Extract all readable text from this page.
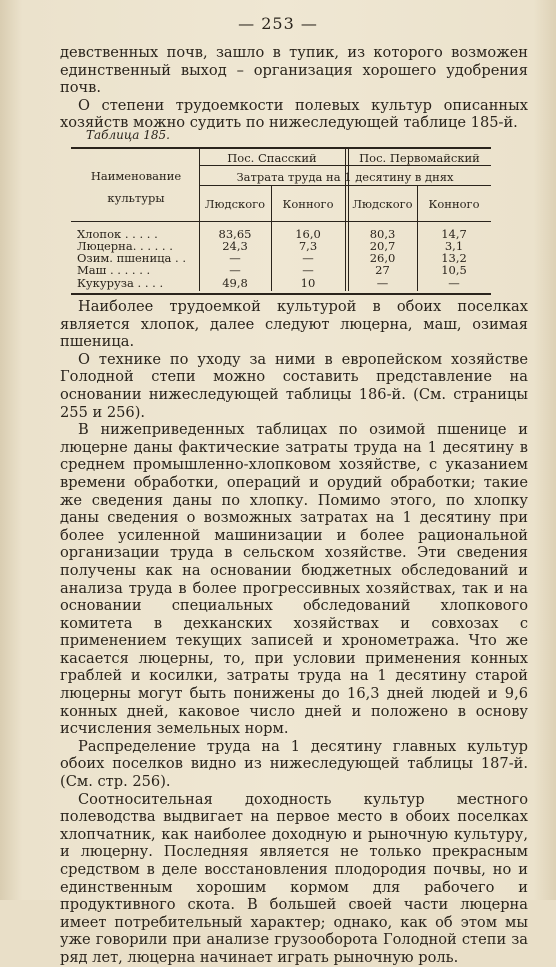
— 253 —

девственных почв, зашло в тупик, из которого возможен единственный выход – организация хорошего удобрения почв.

О степени трудоемкости полевых культур описанных хозяйств можно судить по нижеследующей таблице 185-й.

Таблица 185.
Наименование культуры
Пос. Спасский	Пос. Первомайский
Затрата труда на 1 десятину в днях
Людского	Конного	Людского	Конного
Хлопок . . . . .	83,65	16,0	80,3	14,7
Люцерна. . . . . .	24,3	7,3	20,7	3,1
Озим. пшеница . .	—	—	26,0	13,2
Маш . . . . . .	—	—	27	10,5
Кукуруза . . . .	49,8	10	—	—

Наиболее трудоемкой культурой в обоих поселках является хлопок, далее следуют люцерна, маш, озимая пшеница.

О технике по уходу за ними в европейском хозяйстве Голодной степи можно составить представление на основании нижеследующей таблицы 186-й. (См. страницы 255 и 256).

В нижеприведенных таблицах по озимой пшенице и люцерне даны фактические затраты труда на 1 десятину в среднем промышленно-хлопковом хозяйстве, с указанием времени обработки, операций и орудий обработки; такие же сведения даны по хлопку. Помимо этого, по хлопку даны сведения о возможных затратах на 1 десятину при более усиленной машинизации и более рациональной организации труда в сельском хозяйстве. Эти сведения получены как на основании бюджетных обследований и анализа труда в более прогрессивных хозяйствах, так и на основании специальных обследований хлопкового комитета в дехканских хозяйствах и совхозах с применением текущих записей и хронометража. Что же касается люцерны, то, при условии применения конных граблей и косилки, затраты труда на 1 десятину старой люцерны могут быть понижены до 16,3 дней людей и 9,6 конных дней, каковое число дней и положено в основу исчисления земельных норм.

Распределение труда на 1 десятину главных культур обоих поселков видно из нижеследующей таблицы 187-й. (См. стр. 256).

Соотносительная доходность культур местного полеводства выдвигает на первое место в обоих поселках хлопчатник, как наиболее доходную и рыночную культуру, и люцерну. Последняя является не только прекрасным средством в деле восстановления плодородия почвы, но и единственным хорошим кормом для рабочего и продуктивного скота. В большей своей части люцерна имеет потребительный характер; однако, как об этом мы уже говорили при анализе грузооборота Голодной степи за ряд лет, люцерна начинает играть рыночную роль.
